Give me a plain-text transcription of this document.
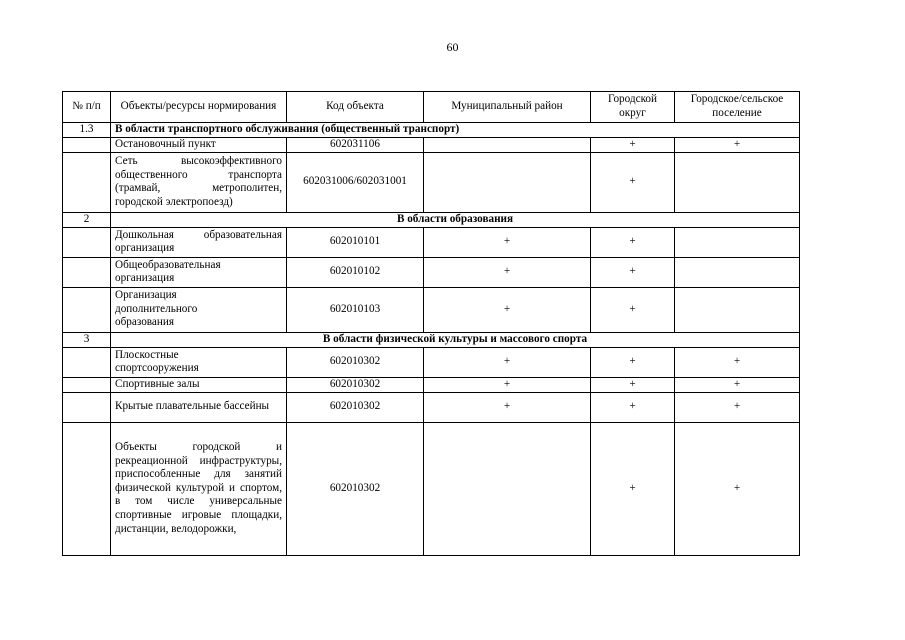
60
№ п/п	Объекты/ресурсы нормирования	Код объекта	Муниципальный район	Городской округ	Городское/сельское поселение
1.3	В области транспортного обслуживания (общественный транспорт)				
	Остановочный пункт	602031106		+	+
	Сеть высокоэффективного общественного транспорта (трамвай, метрополитен, городской электропоезд)	602031006/602031001		+	
2	В области образования				
	Дошкольная образовательная организация	602010101	+	+	
	Общеобразовательная организация	602010102	+	+	
	Организация дополнительного образования	602010103	+	+	
3	В области физической культуры и массового спорта				
	Плоскостные спортсооружения	602010302	+	+	+
	Спортивные залы	602010302	+	+	+
	Крытые плавательные бассейны	602010302	+	+	+
	Объекты городской и рекреационной инфраструктуры, приспособленные для занятий физической культурой и спортом, в том числе универсальные спортивные игровые площадки, дистанции, велодорожки,	602010302		+	+
